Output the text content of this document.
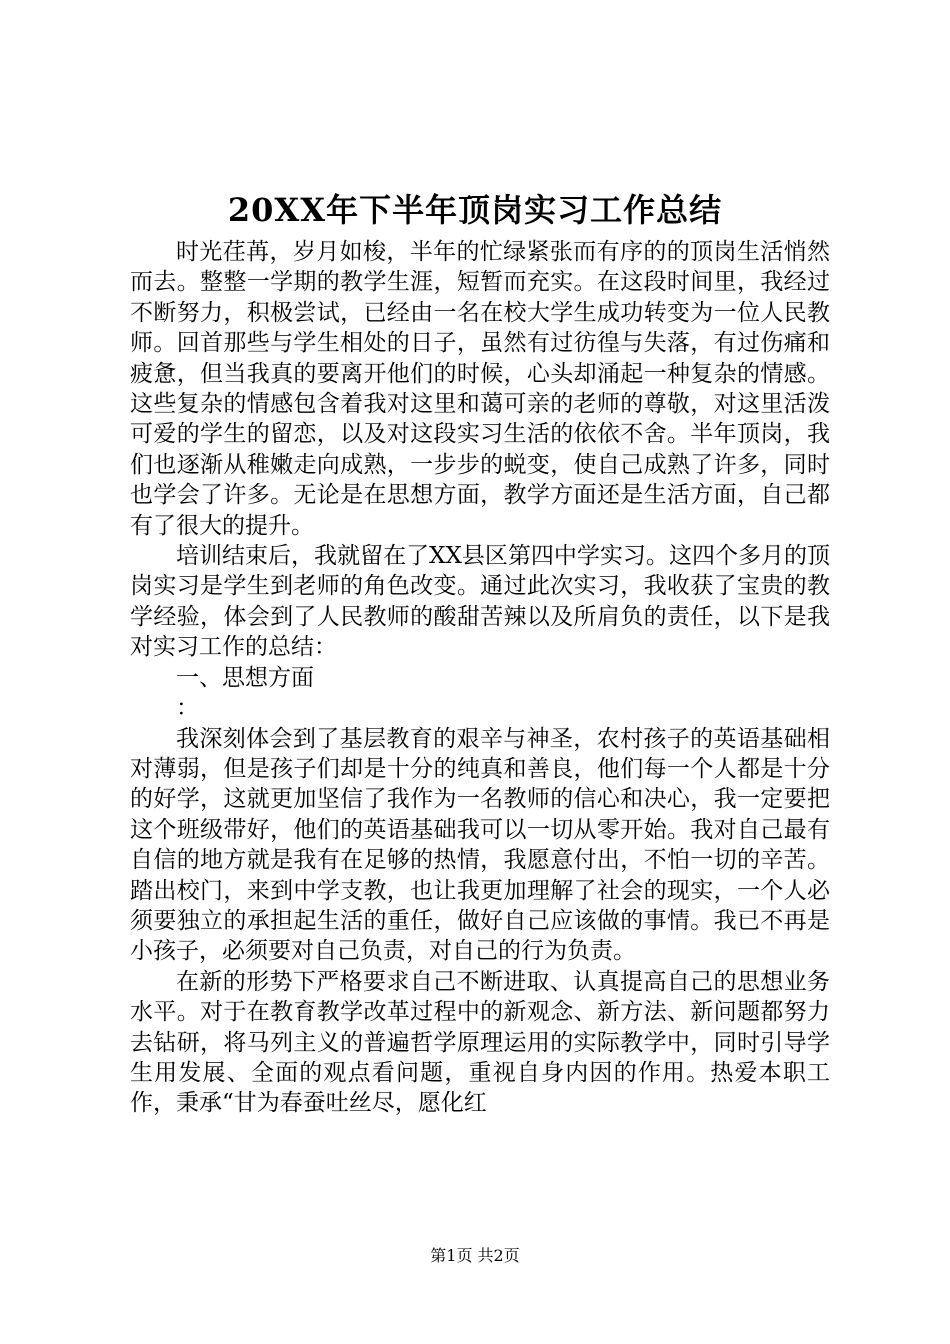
20XX年下半年顶岗实习工作总结

时光荏苒，岁月如梭，半年的忙绿紧张而有序的的顶岗生活悄然而去。整整一学期的教学生涯，短暂而充实。在这段时间里，我经过不断努力，积极尝试，已经由一名在校大学生成功转变为一位人民教师。回首那些与学生相处的日子，虽然有过彷徨与失落，有过伤痛和疲惫，但当我真的要离开他们的时候，心头却涌起一种复杂的情感。这些复杂的情感包含着我对这里和蔼可亲的老师的尊敬，对这里活泼可爱的学生的留恋，以及对这段实习生活的依依不舍。半年顶岗，我们也逐渐从稚嫩走向成熟，一步步的蜕变，使自己成熟了许多，同时也学会了许多。无论是在思想方面，教学方面还是生活方面，自己都有了很大的提升。

培训结束后，我就留在了XX县区第四中学实习。这四个多月的顶岗实习是学生到老师的角色改变。通过此次实习，我收获了宝贵的教学经验，体会到了人民教师的酸甜苦辣以及所肩负的责任，以下是我对实习工作的总结：

一、思想方面

：

我深刻体会到了基层教育的艰辛与神圣，农村孩子的英语基础相对薄弱，但是孩子们却是十分的纯真和善良，他们每一个人都是十分的好学，这就更加坚信了我作为一名教师的信心和决心，我一定要把这个班级带好，他们的英语基础我可以一切从零开始。我对自己最有自信的地方就是我有在足够的热情，我愿意付出，不怕一切的辛苦。踏出校门，来到中学支教，也让我更加理解了社会的现实，一个人必须要独立的承担起生活的重任，做好自己应该做的事情。我已不再是小孩子，必须要对自己负责，对自己的行为负责。

在新的形势下严格要求自己不断进取、认真提高自己的思想业务水平。对于在教育教学改革过程中的新观念、新方法、新问题都努力去钻研，将马列主义的普遍哲学原理运用的实际教学中，同时引导学生用发展、全面的观点看问题，重视自身内因的作用。热爱本职工作，秉承“甘为春蚕吐丝尽，愿化红

第1页 共2页
